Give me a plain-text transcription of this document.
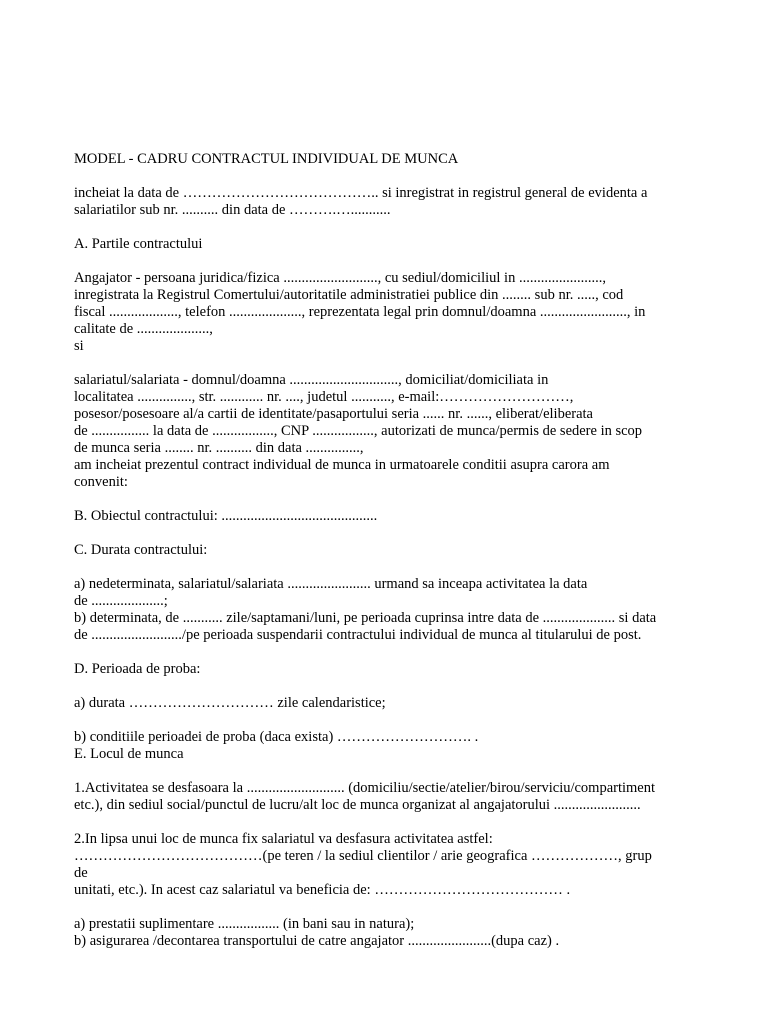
MODEL - CADRU CONTRACTUL INDIVIDUAL DE MUNCA
incheiat la data de ………………………………….. si inregistrat in registrul general de evidenta a
salariatilor sub nr. .......... din data de ……….…...........
A. Partile contractului
Angajator - persoana juridica/fizica .........................., cu sediul/domiciliul in .......................,
inregistrata la Registrul Comertului/autoritatile administratiei publice din ........ sub nr. ....., cod
fiscal ..................., telefon ...................., reprezentata legal prin domnul/doamna ........................, in
calitate de ....................,
si
salariatul/salariata - domnul/doamna .............................., domiciliat/domiciliata in
localitatea ..............., str. ............ nr. ...., judetul ..........., e-mail:………………………,
posesor/posesoare al/a cartii de identitate/pasaportului seria ...... nr. ......, eliberat/eliberata
de ................ la data de ................., CNP ................., autorizati de munca/permis de sedere in scop
de munca seria ........ nr. .......... din data ...............,
am incheiat prezentul contract individual de munca in urmatoarele conditii asupra carora am
convenit:
B. Obiectul contractului: ...........................................
C. Durata contractului:
a) nedeterminata, salariatul/salariata ....................... urmand sa inceapa activitatea la data
de ....................;
b) determinata, de ........... zile/saptamani/luni, pe perioada cuprinsa intre data de .................... si data
de ........................./pe perioada suspendarii contractului individual de munca al titularului de post.
D. Perioada de proba:
a) durata ………………………… zile calendaristice;
b) conditiile perioadei de proba (daca exista) ………………………. .
E. Locul de munca
1.Activitatea se desfasoara la ........................... (domiciliu/sectie/atelier/birou/serviciu/compartiment
etc.), din sediul social/punctul de lucru/alt loc de munca organizat al angajatorului ........................
2.In lipsa unui loc de munca fix salariatul va desfasura activitatea astfel:
…………………………………(pe teren / la sediul clientilor / arie geografica ………………, grup
de
unitati, etc.). In acest caz salariatul va beneficia de: ………………………………… .
a) prestatii suplimentare ................. (in bani sau in natura);
b) asigurarea /decontarea transportului de catre angajator .......................(dupa caz) .
